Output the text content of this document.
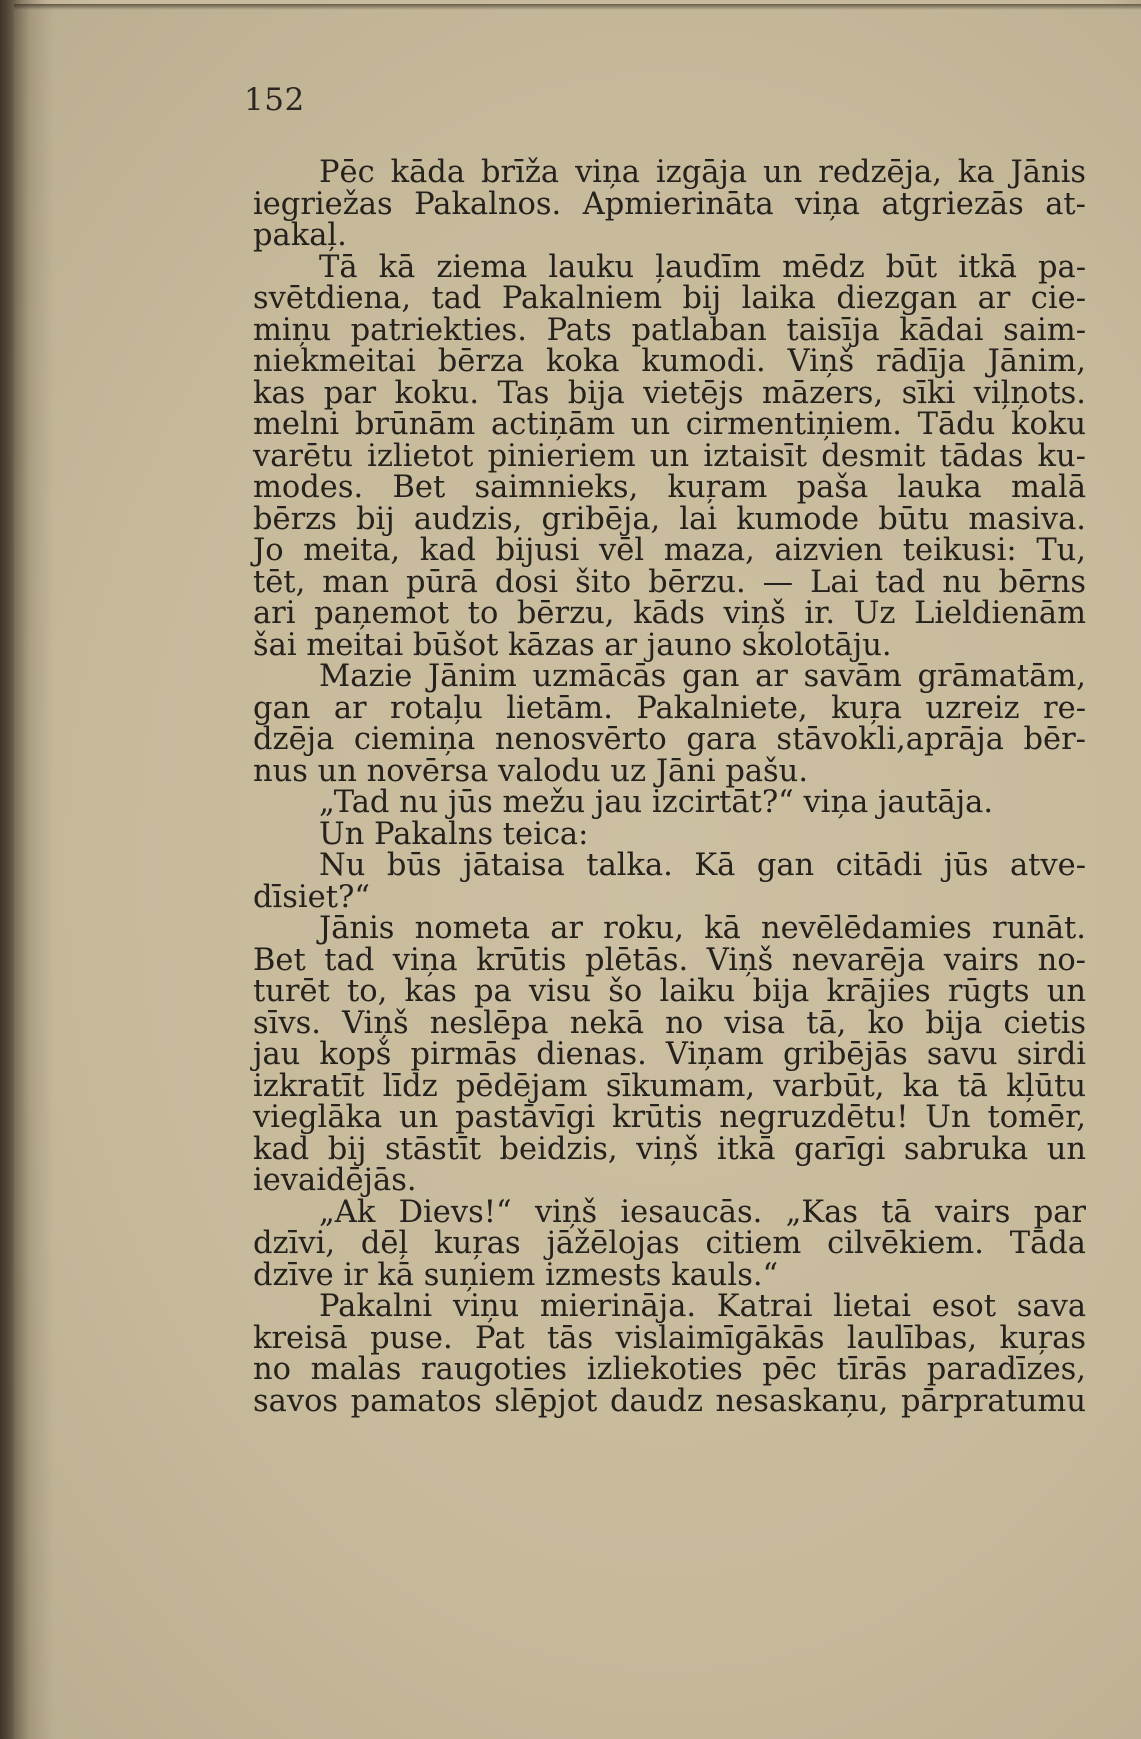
152
Pēc kāda brīža viņa izgāja un redzēja, ka Jānis
iegriežas Pakalnos. Apmierināta viņa atgriezās at-
pakaļ.
Tā kā ziema lauku ļaudīm mēdz būt itkā pa-
svētdiena, tad Pakalniem bij laika diezgan ar cie-
miņu patriekties. Pats patlaban taisīja kādai saim-
niekmeitai bērza koka kumodi. Viņš rādīja Jānim,
kas par koku. Tas bija vietējs māzers, sīki viļņots.
melni brūnām actiņām un cirmentiņiem. Tādu koku
varētu izlietot pinieriem un iztaisīt desmit tādas ku-
modes. Bet saimnieks, kuŗam paša lauka malā
bērzs bij audzis, gribēja, lai kumode būtu masiva.
Jo meita, kad bijusi vēl maza, aizvien teikusi: Tu,
tēt, man pūrā dosi šito bērzu. — Lai tad nu bērns
ari paņemot to bērzu, kāds viņš ir. Uz Lieldienām
šai meitai būšot kāzas ar jauno skolotāju.
Mazie Jānim uzmācās gan ar savām grāmatām,
gan ar rotaļu lietām. Pakalniete, kuŗa uzreiz re-
dzēja ciemiņa nenosvērto gara stāvokli,aprāja bēr-
nus un novērsa valodu uz Jāni pašu.
„Tad nu jūs mežu jau izcirtāt?“ viņa jautāja.
Un Pakalns teica:
Nu būs jātaisa talka. Kā gan citādi jūs atve-
dīsiet?“
Jānis nometa ar roku, kā nevēlēdamies runāt.
Bet tad viņa krūtis plētās. Viņš nevarēja vairs no-
turēt to, kas pa visu šo laiku bija krājies rūgts un
sīvs. Viņš neslēpa nekā no visa tā, ko bija cietis
jau kopš pirmās dienas. Viņam gribējās savu sirdi
izkratīt līdz pēdējam sīkumam, varbūt, ka tā kļūtu
vieglāka un pastāvīgi krūtis negruzdētu! Un tomēr,
kad bij stāstīt beidzis, viņš itkā garīgi sabruka un
ievaidējās.
„Ak Dievs!“ viņš iesaucās. „Kas tā vairs par
dzīvi, dēļ kuŗas jāžēlojas citiem cilvēkiem. Tāda
dzīve ir kā suņiem izmests kauls.“
Pakalni viņu mierināja. Katrai lietai esot sava
kreisā puse. Pat tās vislaimīgākās laulības, kuŗas
no malas raugoties izliekoties pēc tīrās paradīzes,
savos pamatos slēpjot daudz nesaskaņu, pārpratumu
